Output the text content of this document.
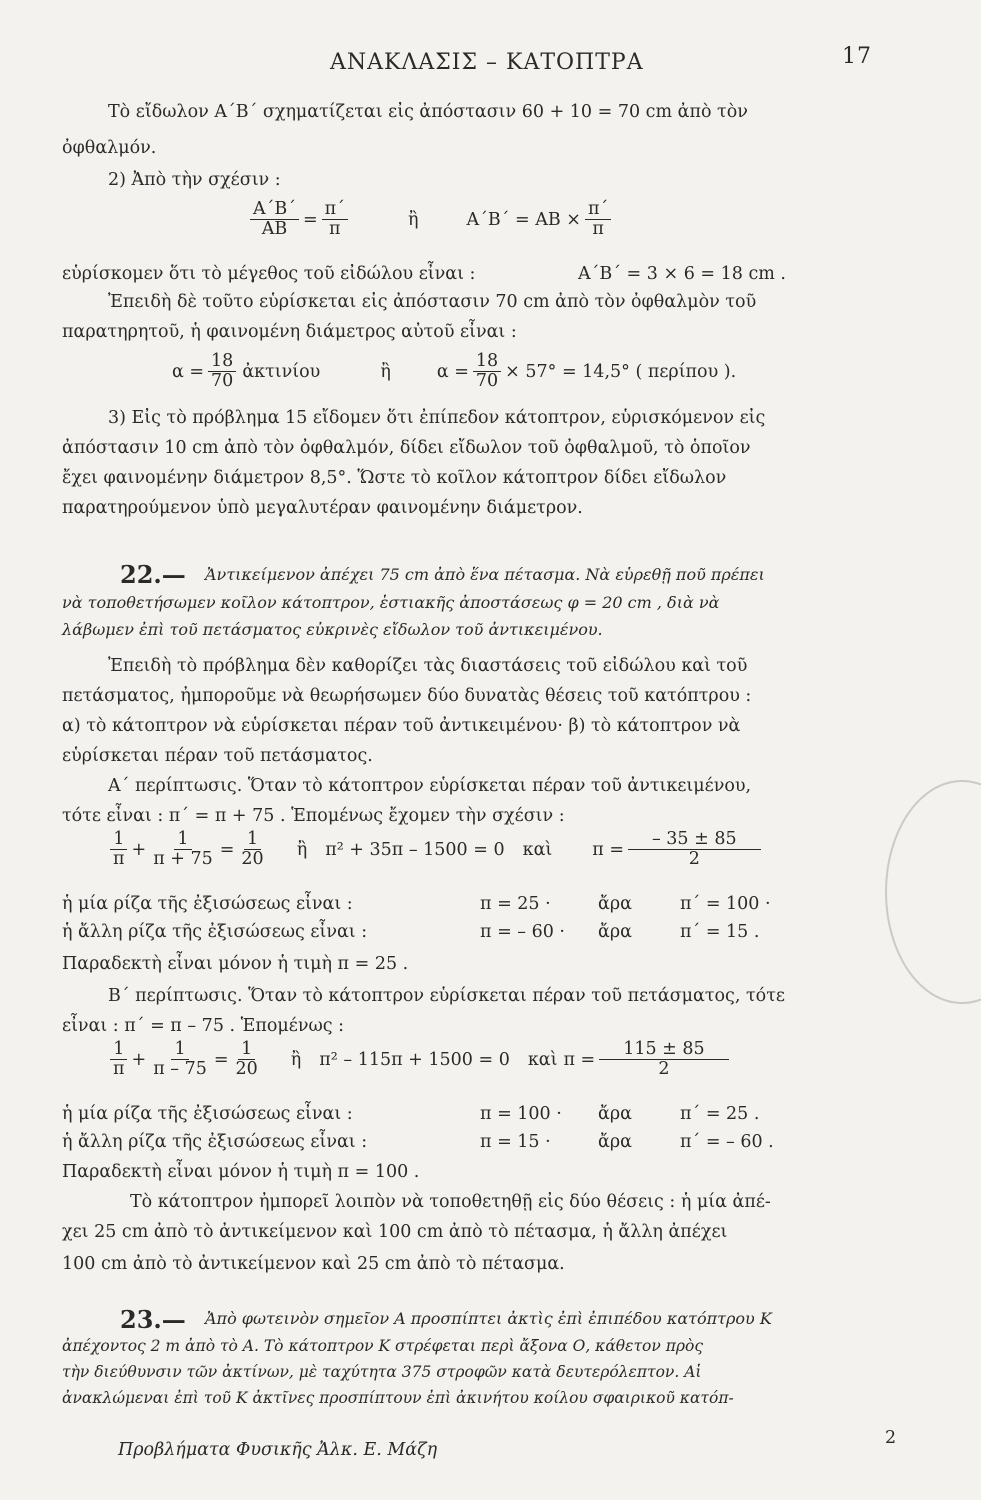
ΑΝΑΚΛΑΣΙΣ – ΚΑΤΟΠΤΡΑ	17
Τὸ εἴδωλον Α΄Β΄ σχηματίζεται εἰς ἀπόστασιν 60 + 10 = 70 cm ἀπὸ τὸν
ὀφθαλμόν.
2) Ἀπὸ τὴν σχέσιν :
$\frac{A΄B΄}{AB} = \frac{\pi΄}{\pi}$	ἢ	$A΄B΄ = AB \times \frac{\pi΄}{\pi}$
εὑρίσκομεν ὅτι τὸ μέγεθος τοῦ εἰδώλου εἶναι :	Α΄Β΄ = 3 × 6 = 18 cm .
Ἐπειδὴ δὲ τοῦτο εὑρίσκεται εἰς ἀπόστασιν 70 cm ἀπὸ τὸν ὀφθαλμὸν τοῦ
παρατηρητοῦ, ἡ φαινομένη διάμετρος αὐτοῦ εἶναι :
$\alpha = \frac{18}{70}$ ἀκτινίου	ἢ	$\alpha = \frac{18}{70} \times 57^\circ = 14,5^\circ$ ( περίπου ).
3) Εἰς τὸ πρόβλημα 15 εἴδομεν ὅτι ἐπίπεδον κάτοπτρον, εὑρισκόμενον εἰς
ἀπόστασιν 10 cm ἀπὸ τὸν ὀφθαλμόν, δίδει εἴδωλον τοῦ ὀφθαλμοῦ, τὸ ὁποῖον
ἔχει φαινομένην διάμετρον 8,5°. Ὥστε τὸ κοῖλον κάτοπτρον δίδει εἴδωλον
παρατηρούμενον ὑπὸ μεγαλυτέραν φαινομένην διάμετρον.
22.— Ἀντικείμενον ἀπέχει 75 cm ἀπὸ ἕνα πέτασμα. Νὰ εὑρεθῇ ποῦ πρέπει
νὰ τοποθετήσωμεν κοῖλον κάτοπτρον, ἑστιακῆς ἀποστάσεως φ = 20 cm , διὰ νὰ
λάβωμεν ἐπὶ τοῦ πετάσματος εὐκρινὲς εἴδωλον τοῦ ἀντικειμένου.
Ἐπειδὴ τὸ πρόβλημα δὲν καθορίζει τὰς διαστάσεις τοῦ εἰδώλου καὶ τοῦ
πετάσματος, ἠμποροῦμε νὰ θεωρήσωμεν δύο δυνατὰς θέσεις τοῦ κατόπτρου :
α) τὸ κάτοπτρον νὰ εὑρίσκεται πέραν τοῦ ἀντικειμένου· β) τὸ κάτοπτρον νὰ
εὑρίσκεται πέραν τοῦ πετάσματος.
Α΄ περίπτωσις. Ὅταν τὸ κάτοπτρον εὑρίσκεται πέραν τοῦ ἀντικειμένου,
τότε εἶναι : π΄ = π + 75 . Ἑπομένως ἔχομεν τὴν σχέσιν :
$\frac{1}{\pi} + \frac{1}{\pi + 75} = \frac{1}{20}$ ἢ π² + 35π – 1500 = 0 καὶ $\pi = \frac{- 35 \pm 85}{2}$
ἡ μία ρίζα τῆς ἐξισώσεως εἶναι :	π = 25 ·	ἄρα	π΄ = 100 ·
ἡ ἄλλη ρίζα τῆς ἐξισώσεως εἶναι :	π = – 60 · ἄρα	π΄ = 15 .
Παραδεκτὴ εἶναι μόνον ἡ τιμὴ π = 25 .
Β΄ περίπτωσις. Ὅταν τὸ κάτοπτρον εὑρίσκεται πέραν τοῦ πετάσματος, τότε
εἶναι : π΄ = π – 75 . Ἑπομένως :
$\frac{1}{\pi} + \frac{1}{\pi - 75} = \frac{1}{20}$ ἢ π² – 115π + 1500 = 0 καὶ $\pi = \frac{115 \pm 85}{2}$
ἡ μία ρίζα τῆς ἐξισώσεως εἶναι :	π = 100 · ἄρα	π΄ = 25 .
ἡ ἄλλη ρίζα τῆς ἐξισώσεως εἶναι :	π = 15 ·	ἄρα	π΄ = – 60 .
Παραδεκτὴ εἶναι μόνον ἡ τιμὴ π = 100 .
Τὸ κάτοπτρον ἠμπορεῖ λοιπὸν νὰ τοποθετηθῇ εἰς δύο θέσεις : ἡ μία ἀπέ-
χει 25 cm ἀπὸ τὸ ἀντικείμενον καὶ 100 cm ἀπὸ τὸ πέτασμα, ἡ ἄλλη ἀπέχει
100 cm ἀπὸ τὸ ἀντικείμενον καὶ 25 cm ἀπὸ τὸ πέτασμα.
23.— Ἀπὸ φωτεινὸν σημεῖον Α προσπίπτει ἀκτὶς ἐπὶ ἐπιπέδου κατόπτρου Κ
ἀπέχοντος 2 m ἀπὸ τὸ Α. Τὸ κάτοπτρον Κ στρέφεται περὶ ἄξονα Ο, κάθετον πρὸς
τὴν διεύθυνσιν τῶν ἀκτίνων, μὲ ταχύτητα 375 στροφῶν κατὰ δευτερόλεπτον. Αἱ
ἀνακλώμεναι ἐπὶ τοῦ Κ ἀκτῖνες προσπίπτουν ἐπὶ ἀκινήτου κοίλου σφαιρικοῦ κατόπ-
Προβλήματα Φυσικῆς Ἀλκ. Ε. Μάζη
2
